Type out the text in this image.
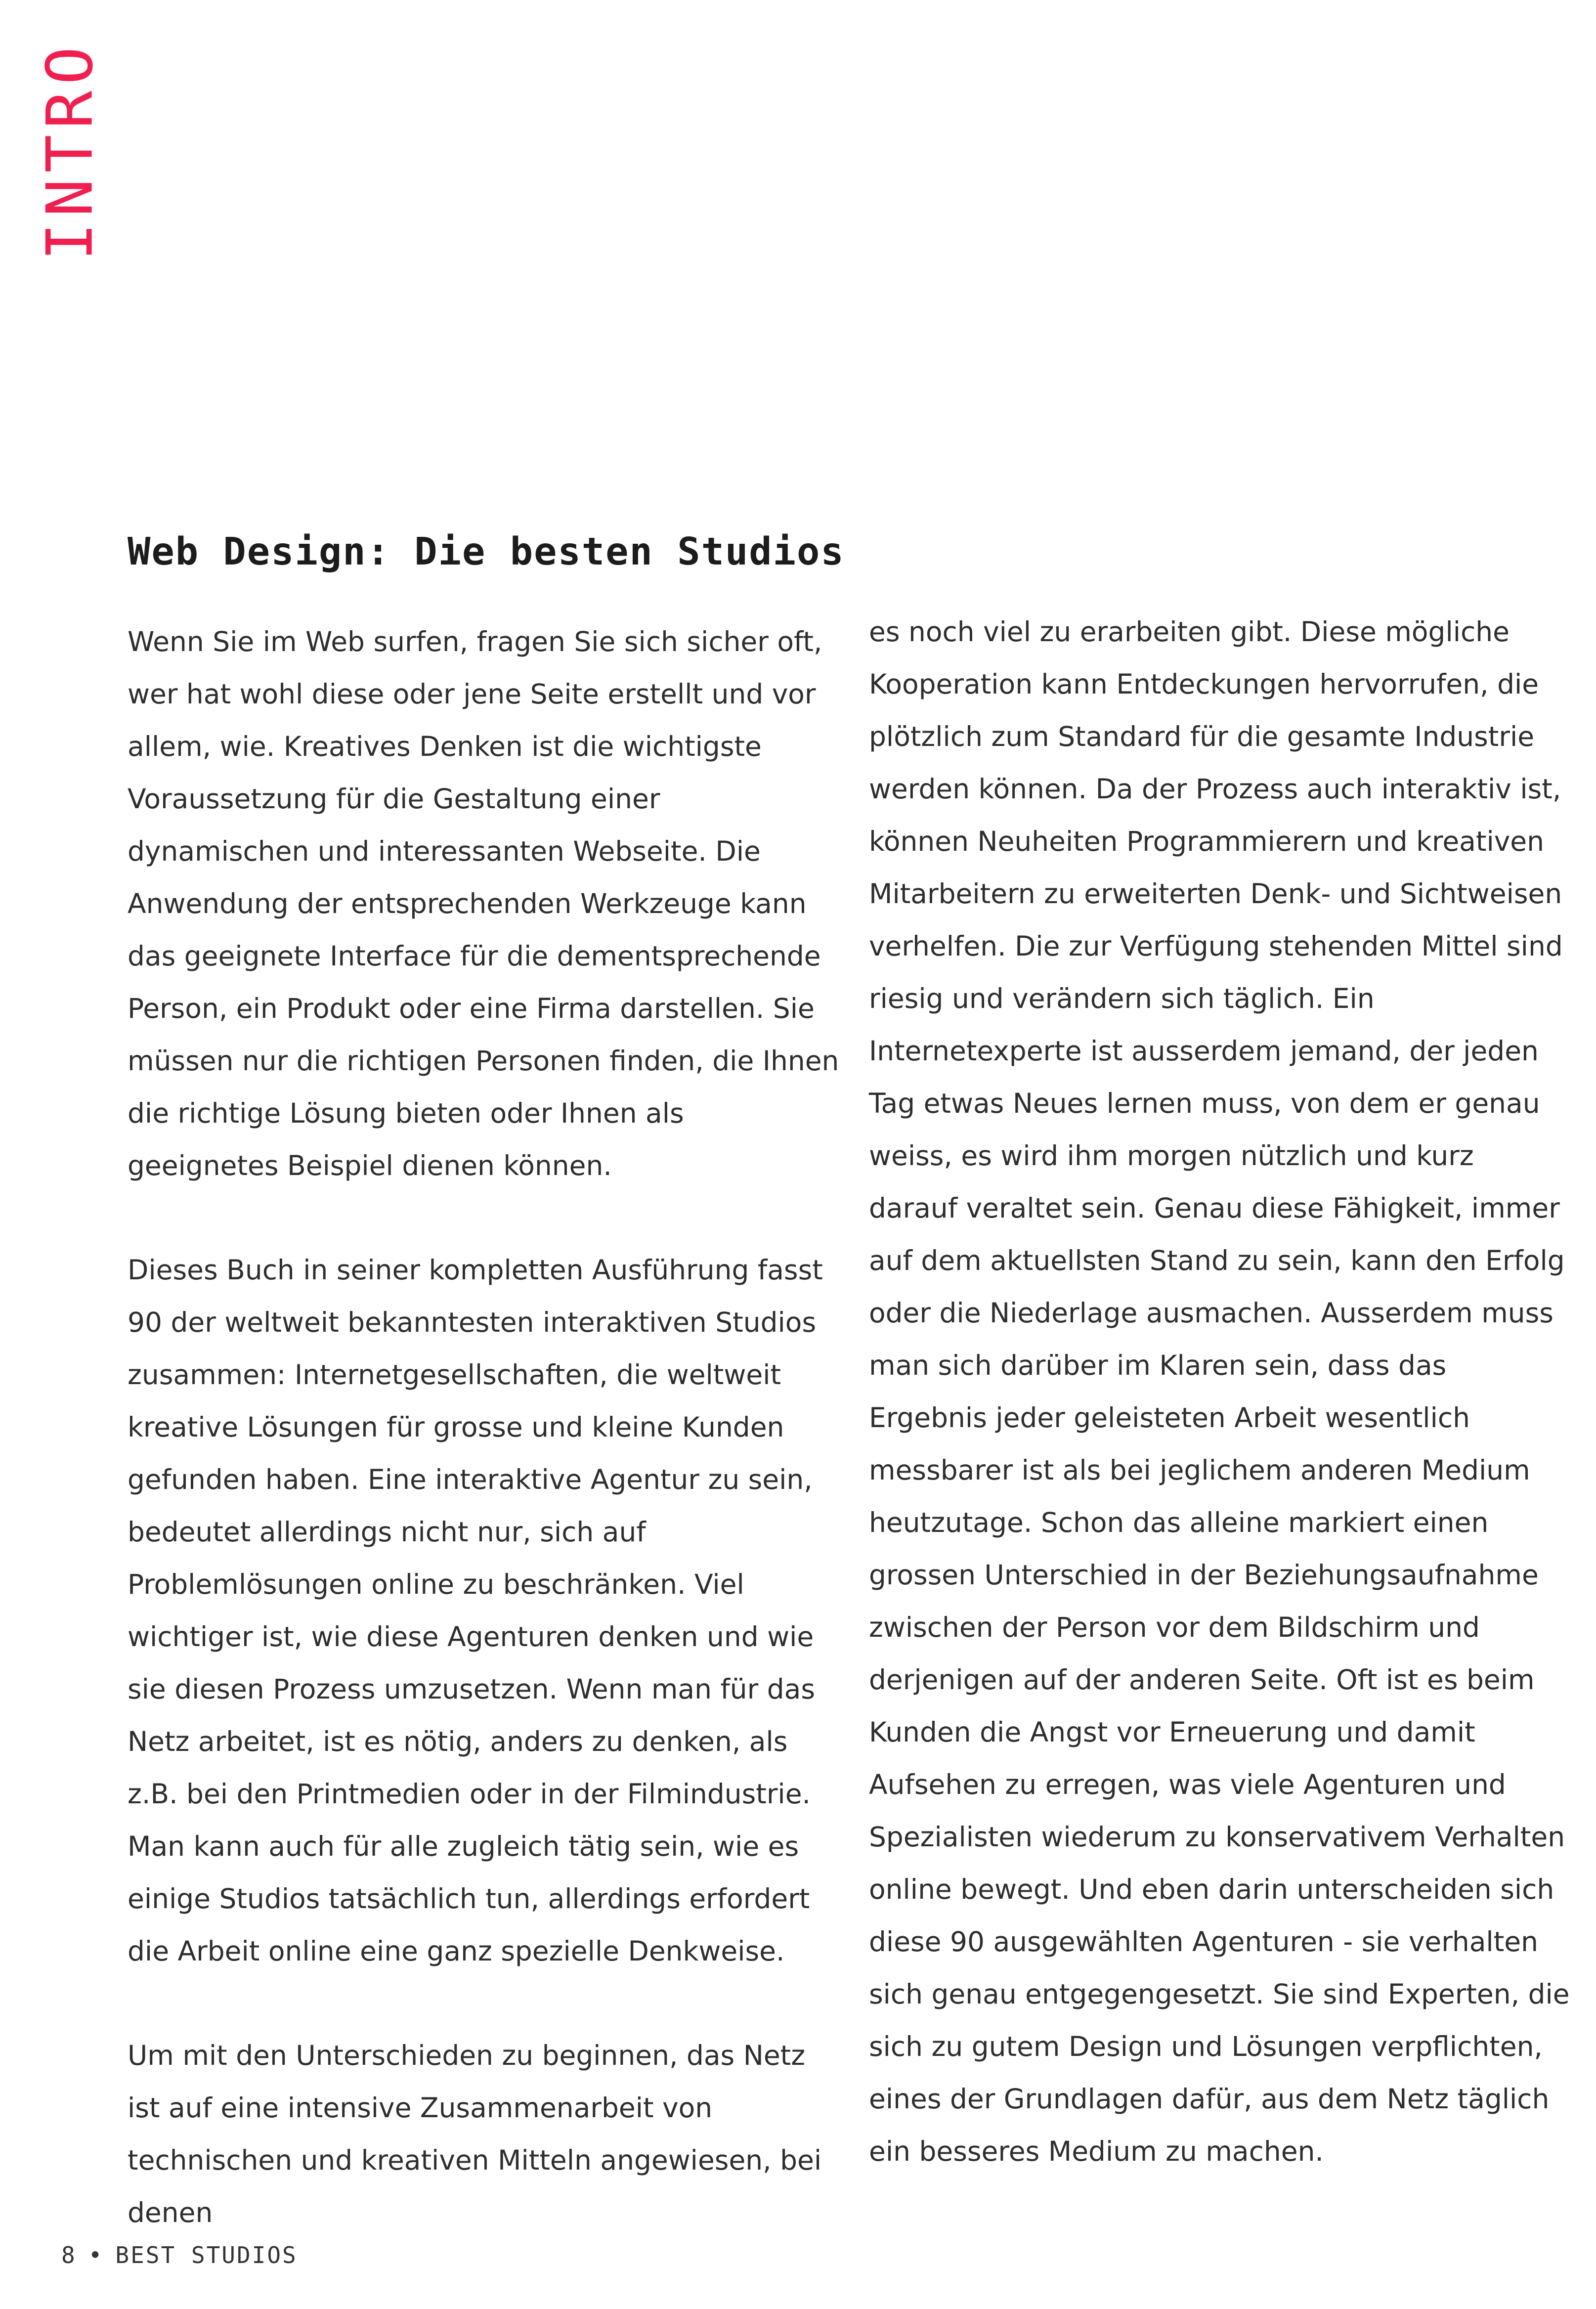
INTRO
Web Design: Die besten Studios

Wenn Sie im Web surfen, fragen Sie sich sicher oft, wer hat wohl diese oder jene Seite erstellt und vor allem, wie. Kreatives Denken ist die wichtigste Voraussetzung für die Gestaltung einer dynamischen und interessanten Webseite. Die Anwendung der entsprechenden Werkzeuge kann das geeignete Interface für die dementsprechende Person, ein Produkt oder eine Firma darstellen. Sie müssen nur die richtigen Personen finden, die Ihnen die richtige Lösung bieten oder Ihnen als geeignetes Beispiel dienen können.

Dieses Buch in seiner kompletten Ausführung fasst 90 der weltweit bekanntesten interaktiven Studios zusammen: Internetgesellschaften, die weltweit kreative Lösungen für grosse und kleine Kunden gefunden haben. Eine interaktive Agentur zu sein, bedeutet allerdings nicht nur, sich auf Problemlösungen online zu beschränken. Viel wichtiger ist, wie diese Agenturen denken und wie sie diesen Prozess umzusetzen. Wenn man für das Netz arbeitet, ist es nötig, anders zu denken, als z.B. bei den Printmedien oder in der Filmindustrie. Man kann auch für alle zugleich tätig sein, wie es einige Studios tatsächlich tun, allerdings erfordert die Arbeit online eine ganz spezielle Denkweise.

Um mit den Unterschieden zu beginnen, das Netz ist auf eine intensive Zusammenarbeit von technischen und kreativen Mitteln angewiesen, bei denen

es noch viel zu erarbeiten gibt. Diese mögliche Kooperation kann Entdeckungen hervorrufen, die plötzlich zum Standard für die gesamte Industrie werden können. Da der Prozess auch interaktiv ist, können Neuheiten Programmierern und kreativen Mitarbeitern zu erweiterten Denk- und Sichtweisen verhelfen. Die zur Verfügung stehenden Mittel sind riesig und verändern sich täglich. Ein Internetexperte ist ausserdem jemand, der jeden Tag etwas Neues lernen muss, von dem er genau weiss, es wird ihm morgen nützlich und kurz darauf veraltet sein. Genau diese Fähigkeit, immer auf dem aktuellsten Stand zu sein, kann den Erfolg oder die Niederlage ausmachen. Ausserdem muss man sich darüber im Klaren sein, dass das Ergebnis jeder geleisteten Arbeit wesentlich messbarer ist als bei jeglichem anderen Medium heutzutage. Schon das alleine markiert einen grossen Unterschied in der Beziehungsaufnahme zwischen der Person vor dem Bildschirm und derjenigen auf der anderen Seite. Oft ist es beim Kunden die Angst vor Erneuerung und damit Aufsehen zu erregen, was viele Agenturen und Spezialisten wiederum zu konservativem Verhalten online bewegt. Und eben darin unterscheiden sich diese 90 ausgewählten Agenturen - sie verhalten sich genau entgegengesetzt. Sie sind Experten, die sich zu gutem Design und Lösungen verpflichten, eines der Grundlagen dafür, aus dem Netz täglich ein besseres Medium zu machen.

8 • BEST STUDIOS
